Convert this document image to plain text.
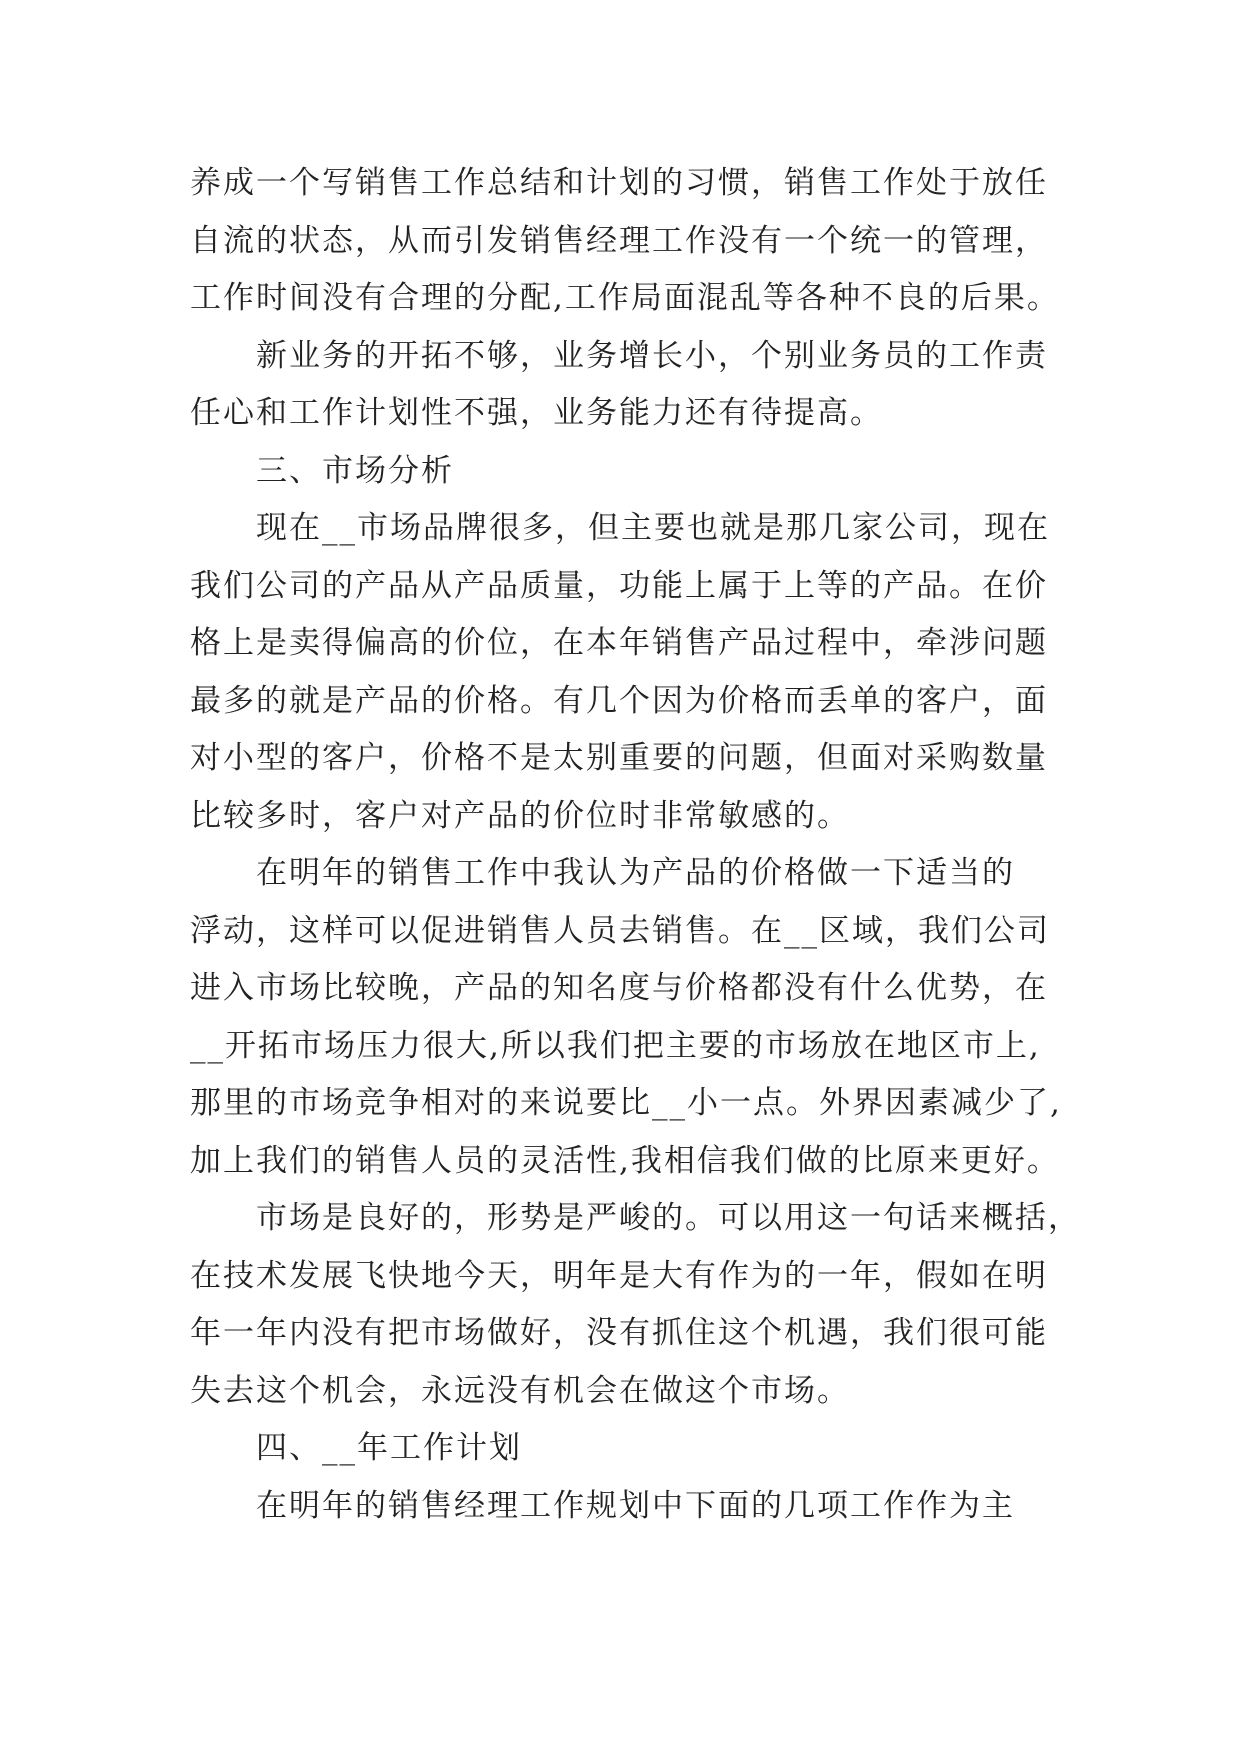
养成一个写销售工作总结和计划的习惯，销售工作处于放任
自流的状态，从而引发销售经理工作没有一个统一的管理，
工作时间没有合理的分配,工作局面混乱等各种不良的后果。
新业务的开拓不够，业务增长小，个别业务员的工作责
任心和工作计划性不强，业务能力还有待提高。
三、市场分析
现在__市场品牌很多，但主要也就是那几家公司，现在
我们公司的产品从产品质量，功能上属于上等的产品。在价
格上是卖得偏高的价位，在本年销售产品过程中，牵涉问题
最多的就是产品的价格。有几个因为价格而丢单的客户，面
对小型的客户，价格不是太别重要的问题，但面对采购数量
比较多时，客户对产品的价位时非常敏感的。
在明年的销售工作中我认为产品的价格做一下适当的
浮动，这样可以促进销售人员去销售。在__区域，我们公司
进入市场比较晚，产品的知名度与价格都没有什么优势，在
__开拓市场压力很大,所以我们把主要的市场放在地区市上,
那里的市场竞争相对的来说要比__小一点。外界因素减少了,
加上我们的销售人员的灵活性,我相信我们做的比原来更好。
市场是良好的，形势是严峻的。可以用这一句话来概括，
在技术发展飞快地今天，明年是大有作为的一年，假如在明
年一年内没有把市场做好，没有抓住这个机遇，我们很可能
失去这个机会，永远没有机会在做这个市场。
四、__年工作计划
在明年的销售经理工作规划中下面的几项工作作为主
